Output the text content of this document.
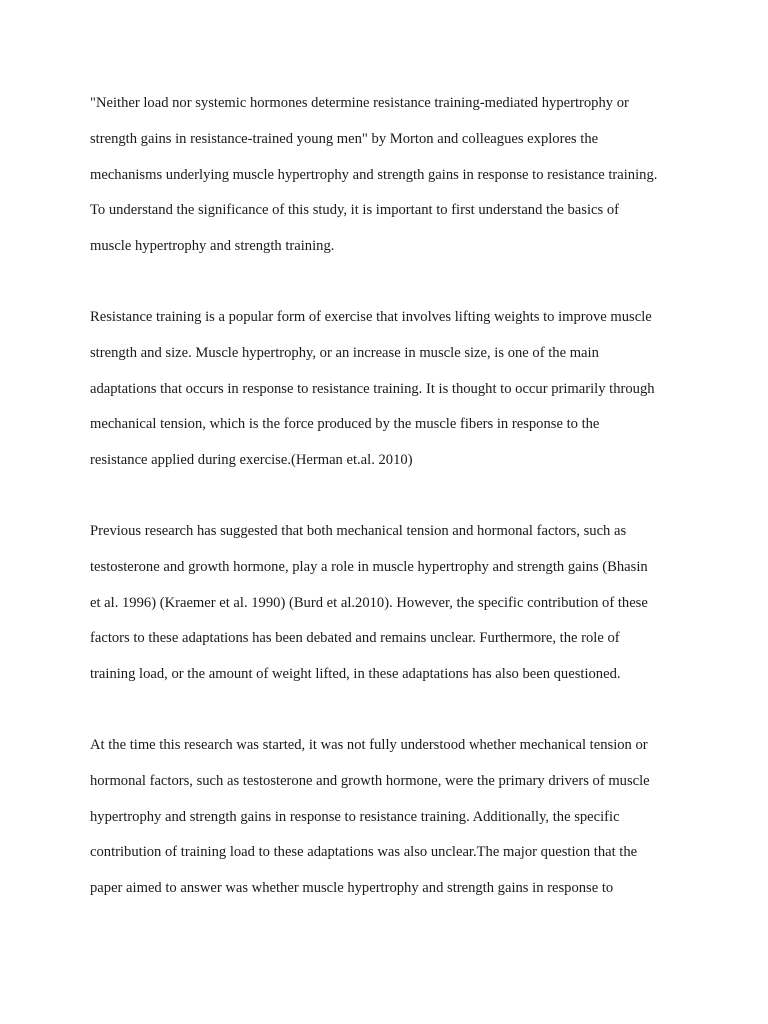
"Neither load nor systemic hormones determine resistance training-mediated hypertrophy or
strength gains in resistance-trained young men" by Morton and colleagues explores the
mechanisms underlying muscle hypertrophy and strength gains in response to resistance training.
To understand the significance of this study, it is important to first understand the basics of
muscle hypertrophy and strength training.
Resistance training is a popular form of exercise that involves lifting weights to improve muscle
strength and size. Muscle hypertrophy, or an increase in muscle size, is one of the main
adaptations that occurs in response to resistance training. It is thought to occur primarily through
mechanical tension, which is the force produced by the muscle fibers in response to the
resistance applied during exercise.(Herman et.al. 2010)
Previous research has suggested that both mechanical tension and hormonal factors, such as
testosterone and growth hormone, play a role in muscle hypertrophy and strength gains (Bhasin
et al. 1996) (Kraemer et al. 1990) (Burd et al.2010). However, the specific contribution of these
factors to these adaptations has been debated and remains unclear. Furthermore, the role of
training load, or the amount of weight lifted, in these adaptations has also been questioned.
At the time this research was started, it was not fully understood whether mechanical tension or
hormonal factors, such as testosterone and growth hormone, were the primary drivers of muscle
hypertrophy and strength gains in response to resistance training. Additionally, the specific
contribution of training load to these adaptations was also unclear.The major question that the
paper aimed to answer was whether muscle hypertrophy and strength gains in response to
